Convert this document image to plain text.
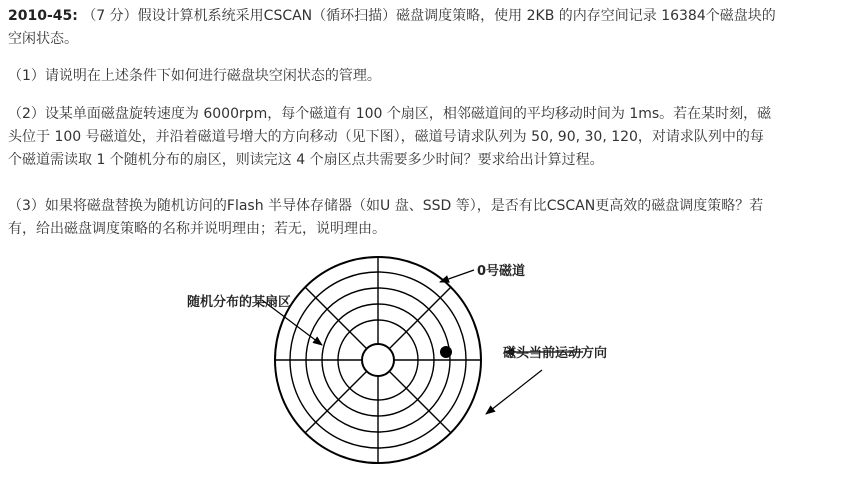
2010-45: （7 分）假设计算机系统采用CSCAN（循环扫描）磁盘调度策略，使用 2KB 的内存空间记录 16384个磁盘块的
空闲状态。
（1）请说明在上述条件下如何进行磁盘块空闲状态的管理。
（2）设某单面磁盘旋转速度为 6000rpm，每个磁道有 100 个扇区，相邻磁道间的平均移动时间为 1ms。若在某时刻，磁
头位于 100 号磁道处，并沿着磁道号增大的方向移动（见下图），磁道号请求队列为 50, 90, 30, 120，对请求队列中的每
个磁道需读取 1 个随机分布的扇区，则读完这 4 个扇区点共需要多少时间？要求给出计算过程。
（3）如果将磁盘替换为随机访问的Flash 半导体存储器（如U 盘、SSD 等），是否有比CSCAN更高效的磁盘调度策略？若
有，给出磁盘调度策略的名称并说明理由；若无，说明理由。
随机分布的某扇区
0号磁道
磁头当前运动方向
